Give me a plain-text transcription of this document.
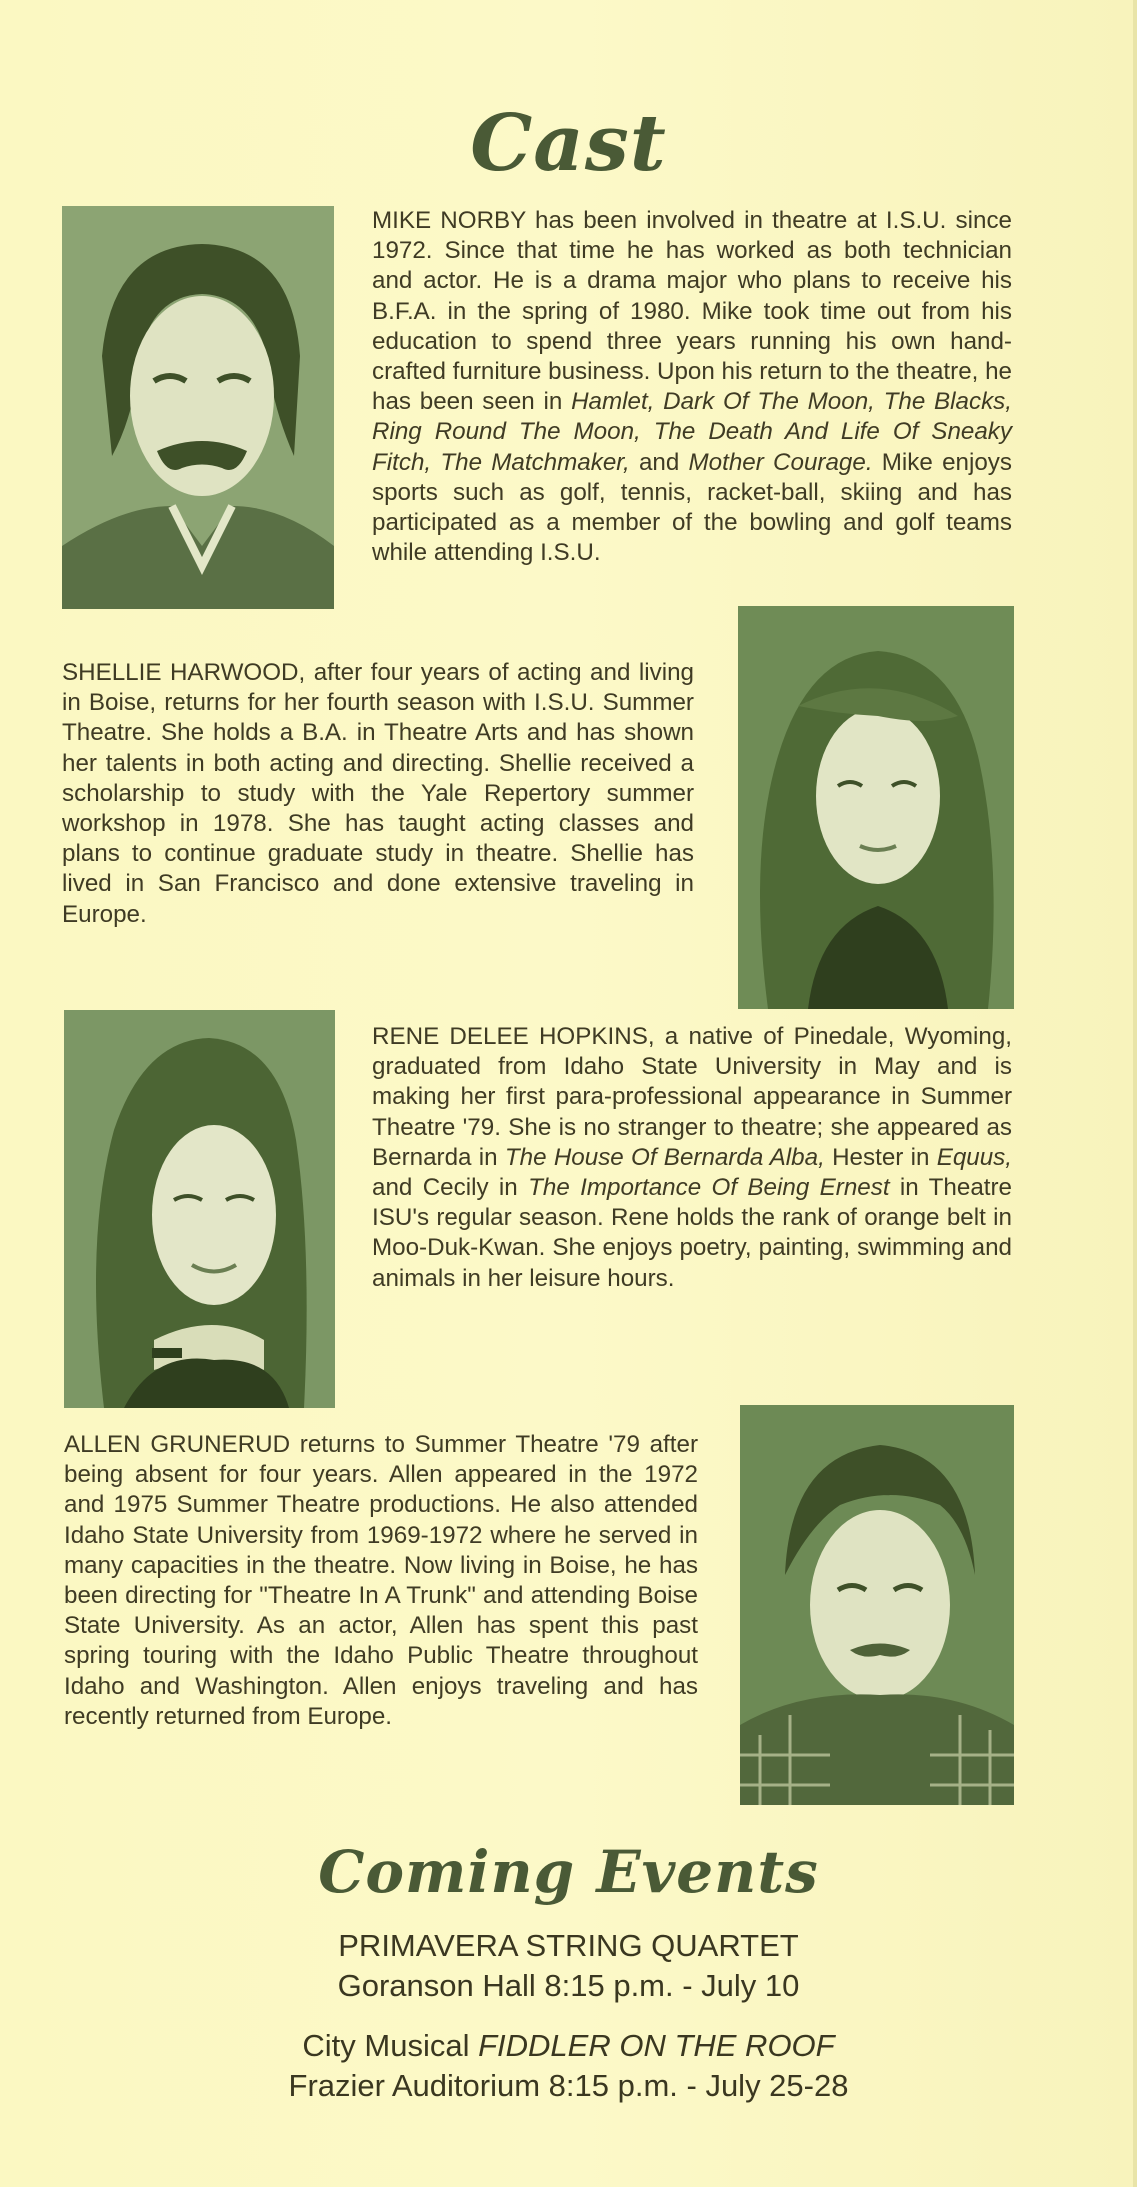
Cast
MIKE NORBY has been involved in theatre at I.S.U. since 1972. Since that time he has worked as both technician and actor. He is a drama major who plans to receive his B.F.A. in the spring of 1980. Mike took time out from his education to spend three years running his own hand-crafted furniture business. Upon his return to the theatre, he has been seen in Hamlet, Dark Of The Moon, The Blacks, Ring Round The Moon, The Death And Life Of Sneaky Fitch, The Matchmaker, and Mother Courage. Mike enjoys sports such as golf, tennis, racket-ball, skiing and has participated as a member of the bowling and golf teams while attending I.S.U.
SHELLIE HARWOOD, after four years of acting and living in Boise, returns for her fourth season with I.S.U. Summer Theatre. She holds a B.A. in Theatre Arts and has shown her talents in both acting and directing. Shellie received a scholarship to study with the Yale Repertory summer workshop in 1978. She has taught acting classes and plans to continue graduate study in theatre. Shellie has lived in San Francisco and done extensive traveling in Europe.
RENE DELEE HOPKINS, a native of Pinedale, Wyoming, graduated from Idaho State University in May and is making her first para-professional appearance in Summer Theatre '79. She is no stranger to theatre; she appeared as Bernarda in The House Of Bernarda Alba, Hester in Equus, and Cecily in The Importance Of Being Ernest in Theatre ISU's regular season. Rene holds the rank of orange belt in Moo-Duk-Kwan. She enjoys poetry, painting, swimming and animals in her leisure hours.
ALLEN GRUNERUD returns to Summer Theatre '79 after being absent for four years. Allen appeared in the 1972 and 1975 Summer Theatre productions. He also attended Idaho State University from 1969-1972 where he served in many capacities in the theatre. Now living in Boise, he has been directing for "Theatre In A Trunk" and attending Boise State University. As an actor, Allen has spent this past spring touring with the Idaho Public Theatre throughout Idaho and Washington. Allen enjoys traveling and has recently returned from Europe.
Coming Events
PRIMAVERA STRING QUARTET
Goranson Hall 8:15 p.m. - July 10
City Musical FIDDLER ON THE ROOF
Frazier Auditorium 8:15 p.m. - July 25-28
